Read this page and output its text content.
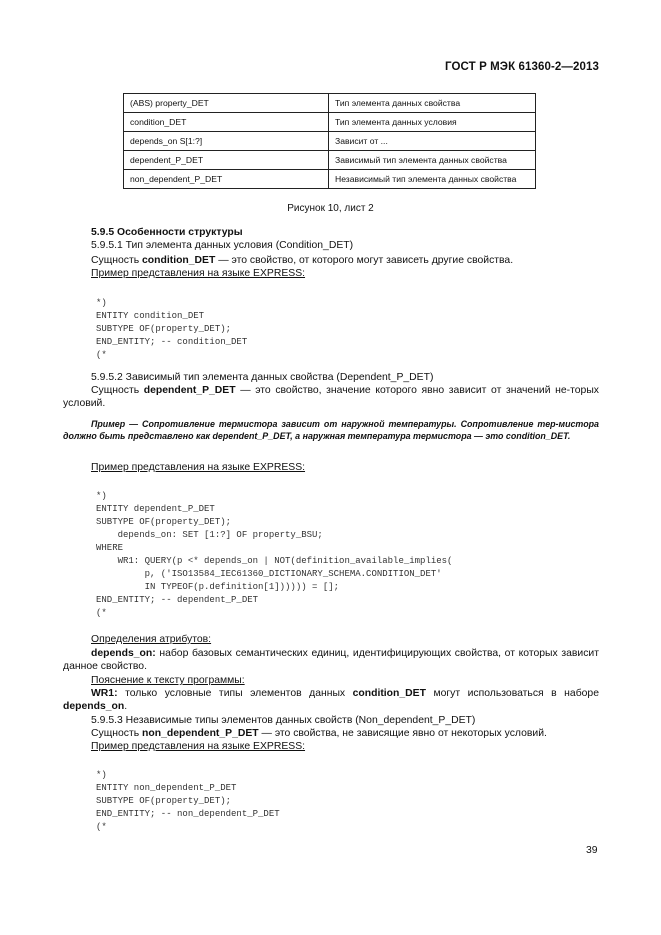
ГОСТ Р МЭК 61360-2—2013
(ABS) property_DET	Тип элемента данных свойства
condition_DET	Тип элемента данных условия
depends_on S[1:?]	Зависит от ...
dependent_P_DET	Зависимый тип элемента данных свойства
non_dependent_P_DET	Независимый тип элемента данных свойства
Рисунок 10, лист 2
5.9.5 Особенности структуры
5.9.5.1 Тип элемента данных условия (Condition_DET)
Сущность condition_DET — это свойство, от которого могут зависеть другие свойства.
Пример представления на языке EXPRESS:
*)
ENTITY condition_DET
SUBTYPE OF(property_DET);
END_ENTITY; -- condition_DET
(*
5.9.5.2 Зависимый тип элемента данных свойства (Dependent_P_DET)
Сущность dependent_P_DET — это свойство, значение которого явно зависит от значений не-торых условий.
Пример — Сопротивление термистора зависит от наружной температуры. Сопротивление тер-мистора должно быть представлено как dependent_P_DET, а наружная температура термистора — это condition_DET.
Пример представления на языке EXPRESS:
*)
ENTITY dependent_P_DET
SUBTYPE OF(property_DET);
depends_on: SET [1:?] OF property_BSU;
WHERE
WR1: QUERY(p <* depends_on | NOT(definition_available_implies(
p, ('ISO13584_IEC61360_DICTIONARY_SCHEMA.CONDITION_DET'
IN TYPEOF(p.definition[1]))))) = [];
END_ENTITY; -- dependent_P_DET
(*
Определения атрибутов:
depends_on: набор базовых семантических единиц, идентифицирующих свойства, от которых зависит данное свойство.
Пояснение к тексту программы:
WR1: только условные типы элементов данных condition_DET могут использоваться в наборе depends_on.
5.9.5.3 Независимые типы элементов данных свойств (Non_dependent_P_DET)
Сущность non_dependent_P_DET — это свойства, не зависящие явно от некоторых условий.
Пример представления на языке EXPRESS:
*)
ENTITY non_dependent_P_DET
SUBTYPE OF(property_DET);
END_ENTITY; -- non_dependent_P_DET
(*
39
